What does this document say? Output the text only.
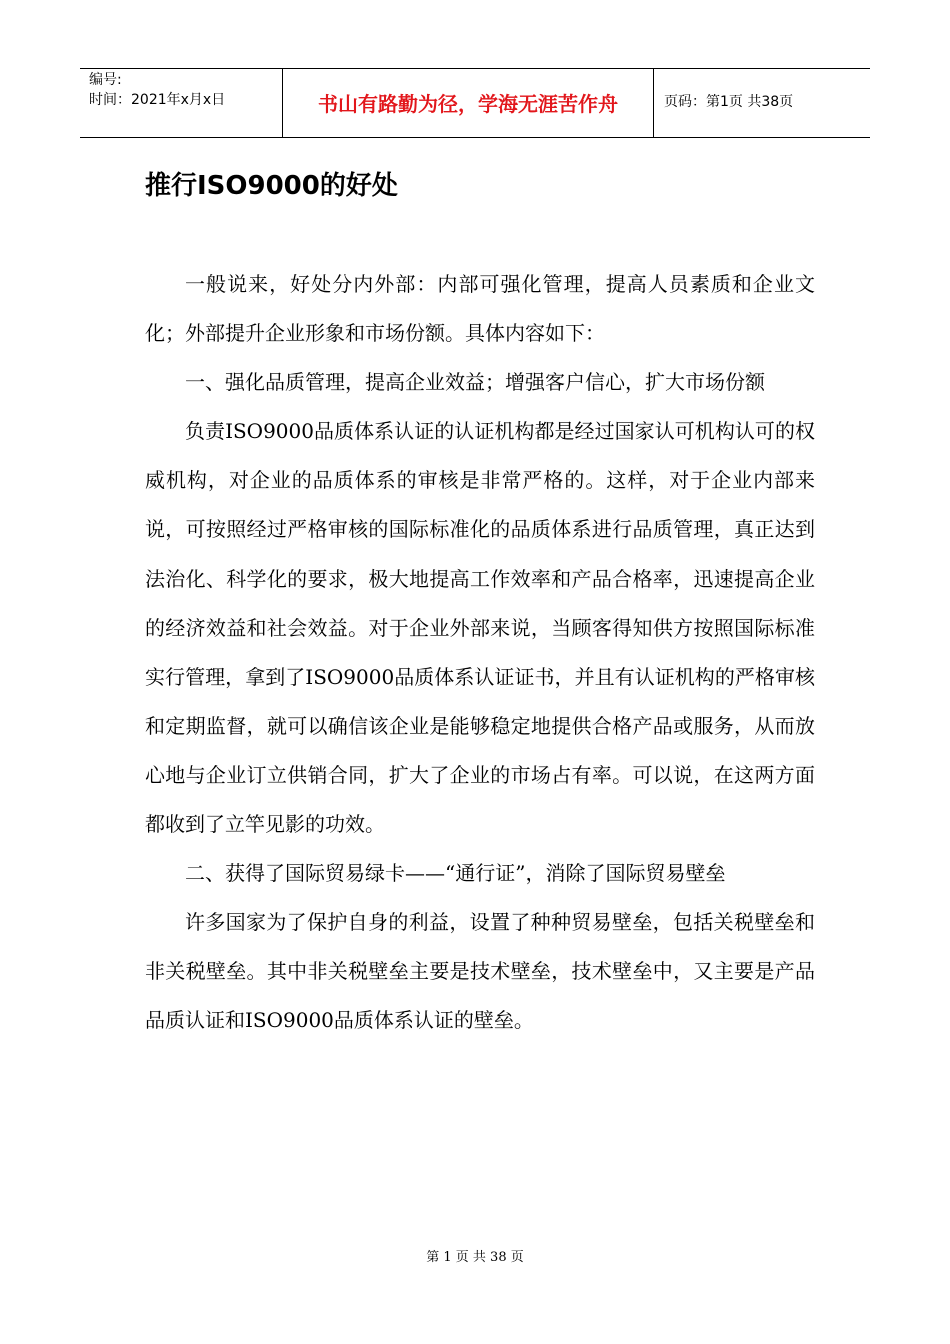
编号:
时间：2021年x月x日	书山有路勤为径，学海无涯苦作舟	页码：第1页 共38页
推行ISO9000的好处

一般说来，好处分内外部：内部可强化管理，提高人员素质和企业文化；外部提升企业形象和市场份额。具体内容如下：

一、强化品质管理，提高企业效益；增强客户信心，扩大市场份额

负责ISO9000品质体系认证的认证机构都是经过国家认可机构认可的权威机构，对企业的品质体系的审核是非常严格的。这样，对于企业内部来说，可按照经过严格审核的国际标准化的品质体系进行品质管理，真正达到法治化、科学化的要求，极大地提高工作效率和产品合格率，迅速提高企业的经济效益和社会效益。对于企业外部来说，当顾客得知供方按照国际标准实行管理，拿到了ISO9000品质体系认证证书，并且有认证机构的严格审核和定期监督，就可以确信该企业是能够稳定地提供合格产品或服务，从而放心地与企业订立供销合同，扩大了企业的市场占有率。可以说，在这两方面都收到了立竿见影的功效。

二、获得了国际贸易绿卡——“通行证”，消除了国际贸易壁垒

许多国家为了保护自身的利益，设置了种种贸易壁垒，包括关税壁垒和非关税壁垒。其中非关税壁垒主要是技术壁垒，技术壁垒中，又主要是产品品质认证和ISO9000品质体系认证的壁垒。

第 1 页 共 38 页
